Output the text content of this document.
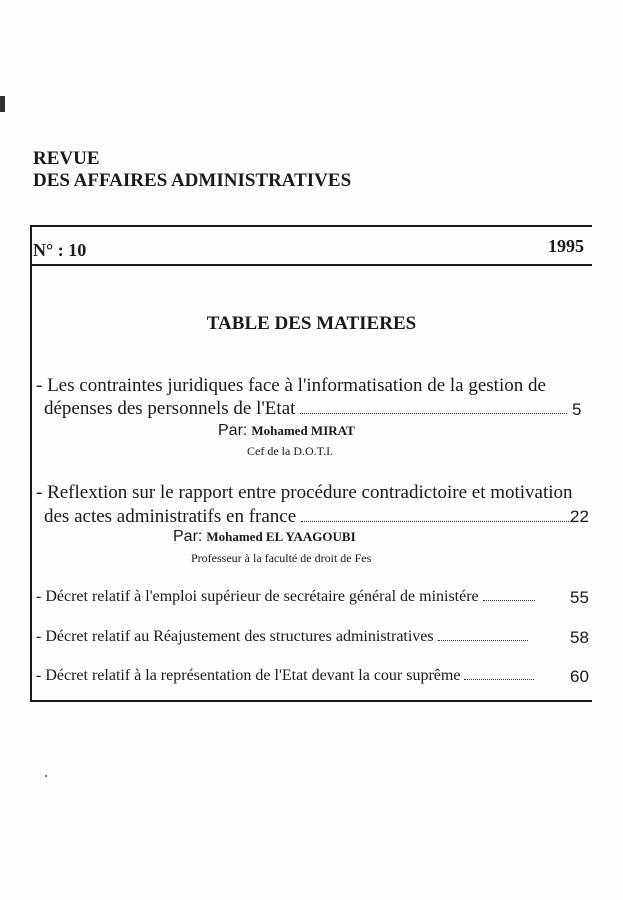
REVUE
DES AFFAIRES ADMINISTRATIVES
N° : 10	1995
TABLE DES MATIERES
- Les contraintes juridiques face à l'informatisation de la gestion de
dépenses des personnels de l'Etat	5
Par: Mohamed MIRAT
Cef de la D.O.T.I.
- Reflextion sur le rapport entre procédure contradictoire et motivation
des actes administratifs en france	22
Par: Mohamed EL YAAGOUBI
Professeur à la faculté de droit de Fes
- Décret relatif à l'emploi supérieur de secrétaire général de ministére	55
- Décret relatif au Réajustement des structures administratives	58
- Décret relatif à la représentation de l'Etat devant la cour suprême	60
